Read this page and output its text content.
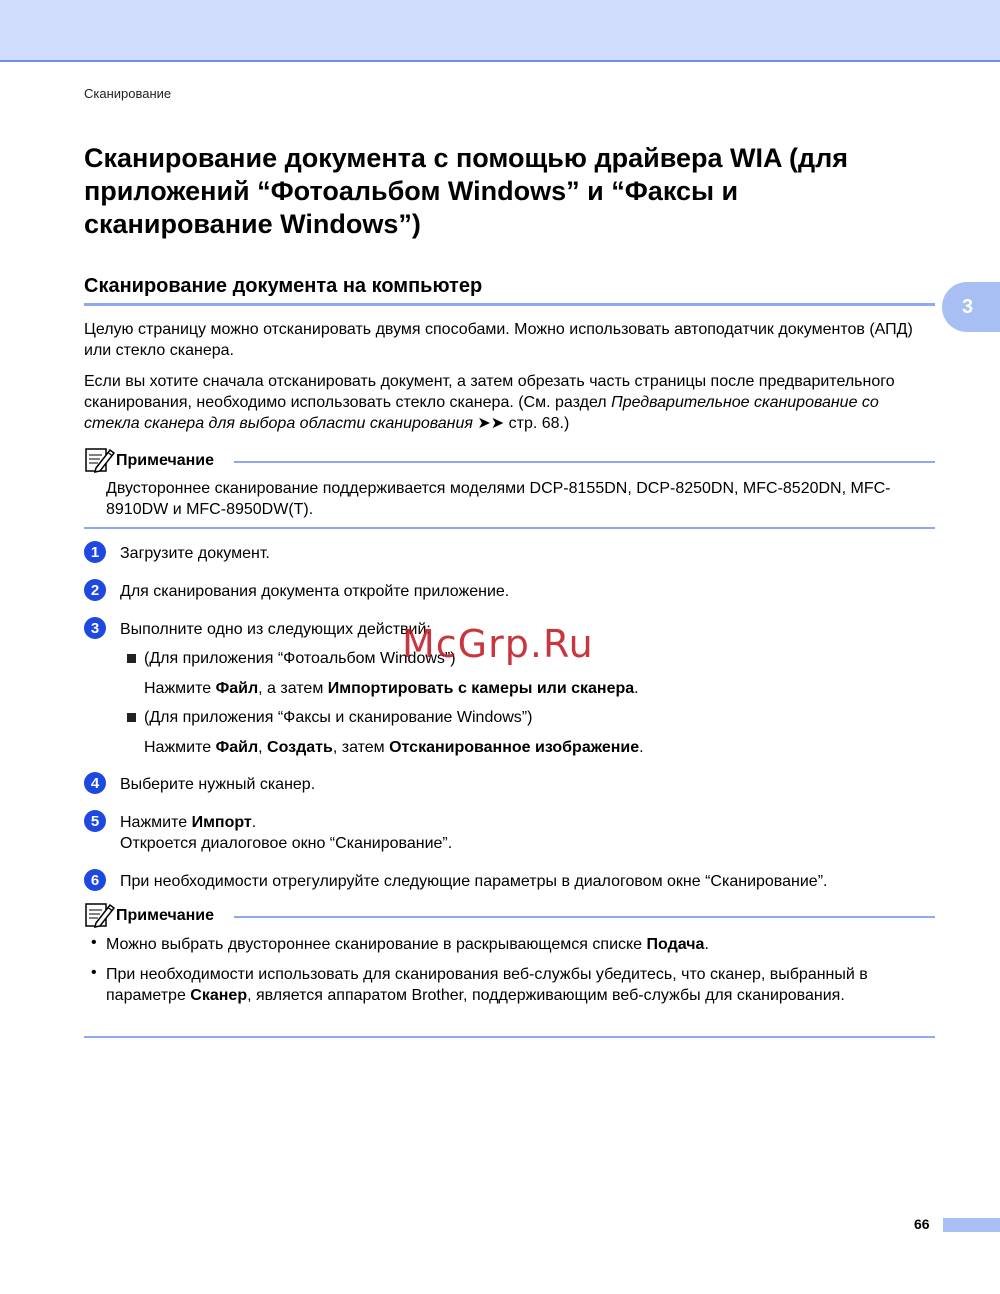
Сканирование
3
Сканирование документа с помощью драйвера WIA (для приложений “Фотоальбом Windows” и “Факсы и сканирование Windows”)
Сканирование документа на компьютер

Целую страницу можно отсканировать двумя способами. Можно использовать автоподатчик документов (АПД) или стекло сканера.

Если вы хотите сначала отсканировать документ, а затем обрезать часть страницы после предварительного сканирования, необходимо использовать стекло сканера. (См. раздел Предварительное сканирование со стекла сканера для выбора области сканирования ➤➤ стр. 68.)

Примечание

Двустороннее сканирование поддерживается моделями DCP-8155DN, DCP-8250DN, MFC-8520DN, MFC-8910DW и MFC-8950DW(T).

1	Загрузите документ.
2	Для сканирования документа откройте приложение.
3	Выполните одно из следующих действий:
(Для приложения “Фотоальбом Windows”)
Нажмите Файл, а затем Импортировать с камеры или сканера.
(Для приложения “Факсы и сканирование Windows”)
Нажмите Файл, Создать, затем Отсканированное изображение.
4	Выберите нужный сканер.
5	Нажмите Импорт.
Откроется диалоговое окно “Сканирование”.
6	При необходимости отрегулируйте следующие параметры в диалоговом окне “Сканирование”.
Примечание
• Можно выбрать двустороннее сканирование в раскрывающемся списке Подача.

• При необходимости использовать для сканирования веб-службы убедитесь, что сканер, выбранный в параметре Сканер, является аппаратом Brother, поддерживающим веб-службы для сканирования.

McGrp.Ru
66
